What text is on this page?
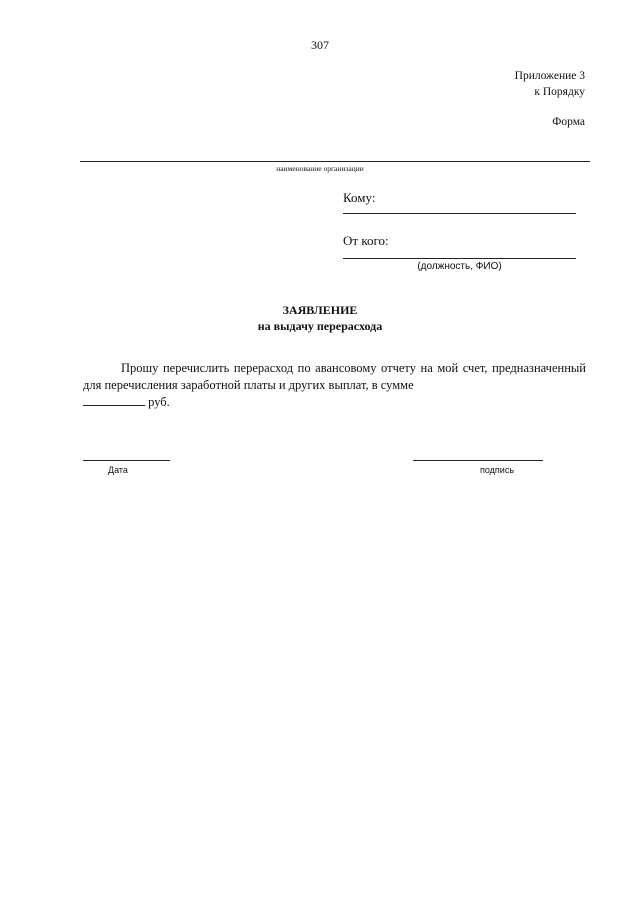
307
Приложение 3
к Порядку
Форма
наименование организации
Кому:
От кого:
(должность, ФИО)
ЗАЯВЛЕНИЕ
на выдачу перерасхода
Прошу перечислить перерасход по авансовому отчету на мой счет, предназначенный для перечисления заработной платы и других выплат, в сумме
руб.
Дата	подпись
